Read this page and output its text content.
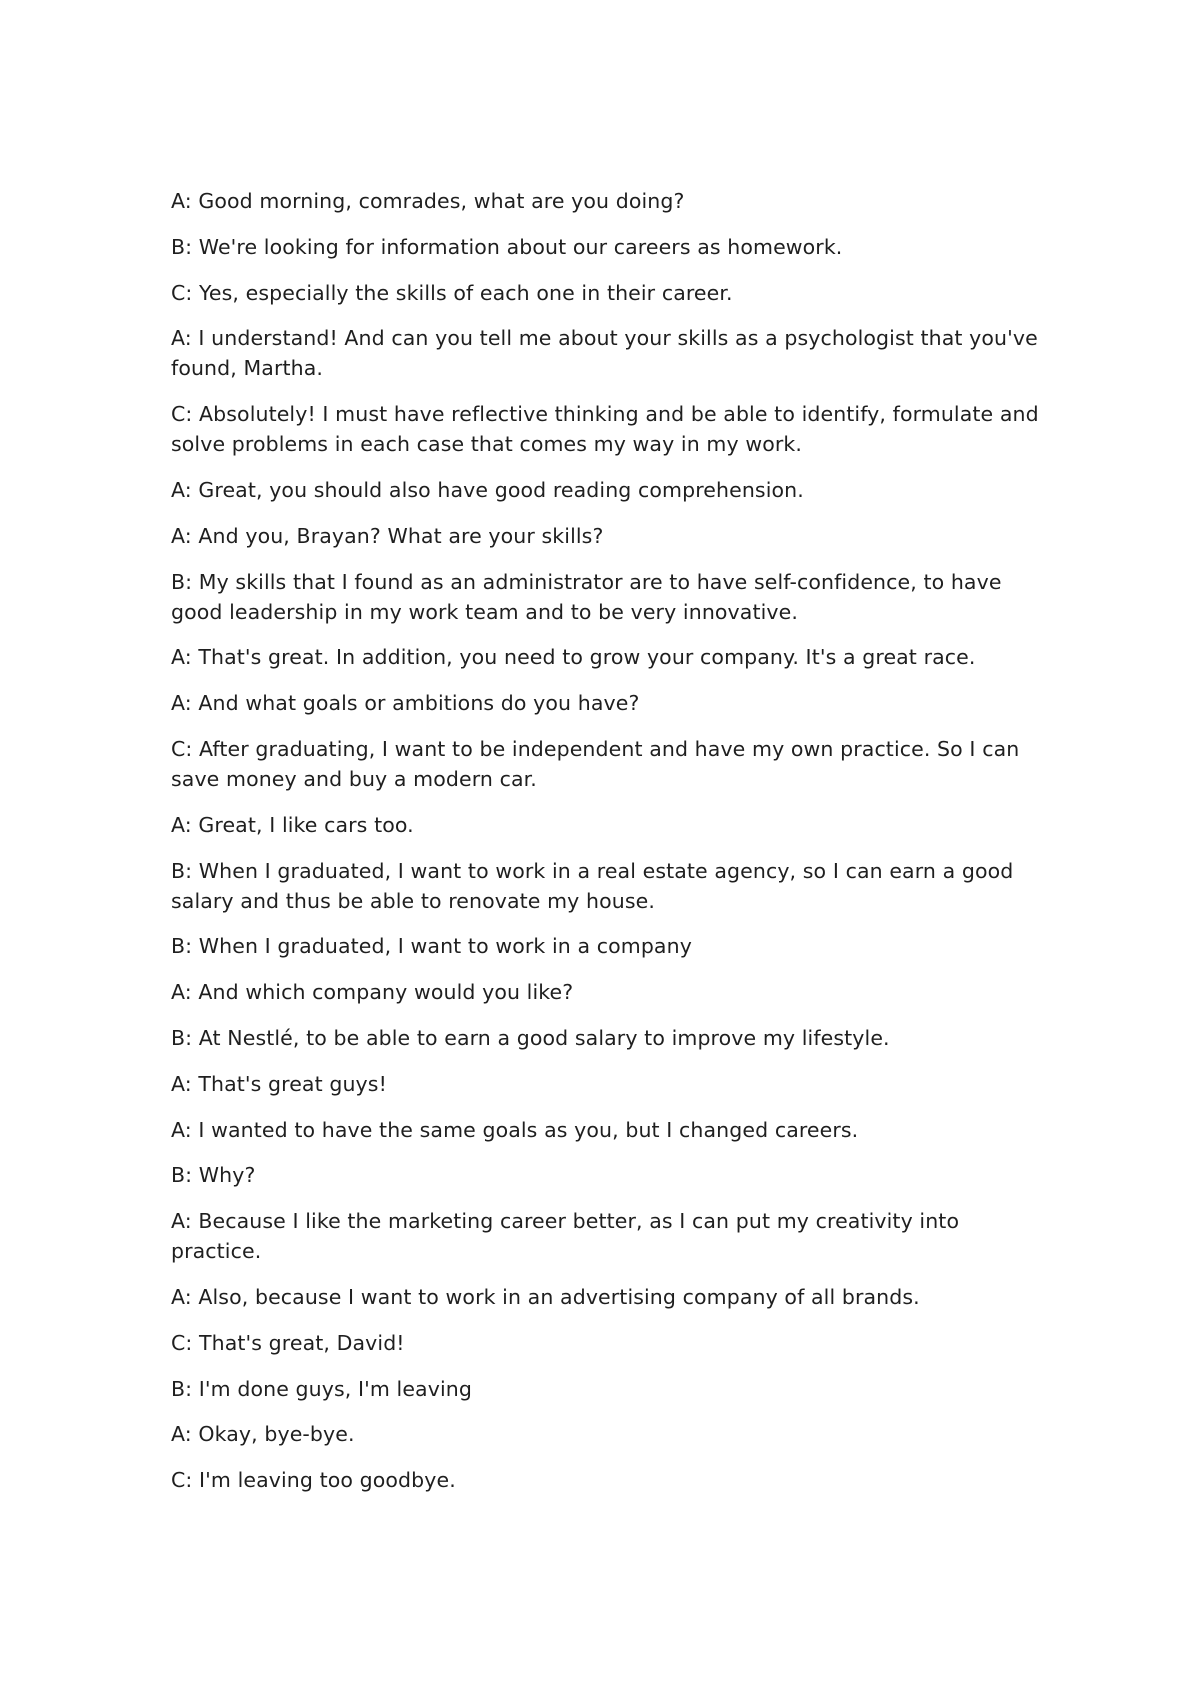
A: Good morning, comrades, what are you doing?

B: We're looking for information about our careers as homework.

C: Yes, especially the skills of each one in their career.

A: I understand! And can you tell me about your skills as a psychologist that you've found, Martha.

C: Absolutely! I must have reflective thinking and be able to identify, formulate and solve problems in each case that comes my way in my work.

A: Great, you should also have good reading comprehension.

A: And you, Brayan? What are your skills?

B: My skills that I found as an administrator are to have self-confidence, to have good leadership in my work team and to be very innovative.

A: That's great. In addition, you need to grow your company. It's a great race.

A: And what goals or ambitions do you have?

C: After graduating, I want to be independent and have my own practice. So I can save money and buy a modern car.

A: Great, I like cars too.

B: When I graduated, I want to work in a real estate agency, so I can earn a good salary and thus be able to renovate my house.

B: When I graduated, I want to work in a company

A: And which company would you like?

B: At Nestlé, to be able to earn a good salary to improve my lifestyle.

A: That's great guys!

A: I wanted to have the same goals as you, but I changed careers.

B: Why?

A: Because I like the marketing career better, as I can put my creativity into practice.

A: Also, because I want to work in an advertising company of all brands.

C: That's great, David!

B: I'm done guys, I'm leaving

A: Okay, bye-bye.

C: I'm leaving too goodbye.
